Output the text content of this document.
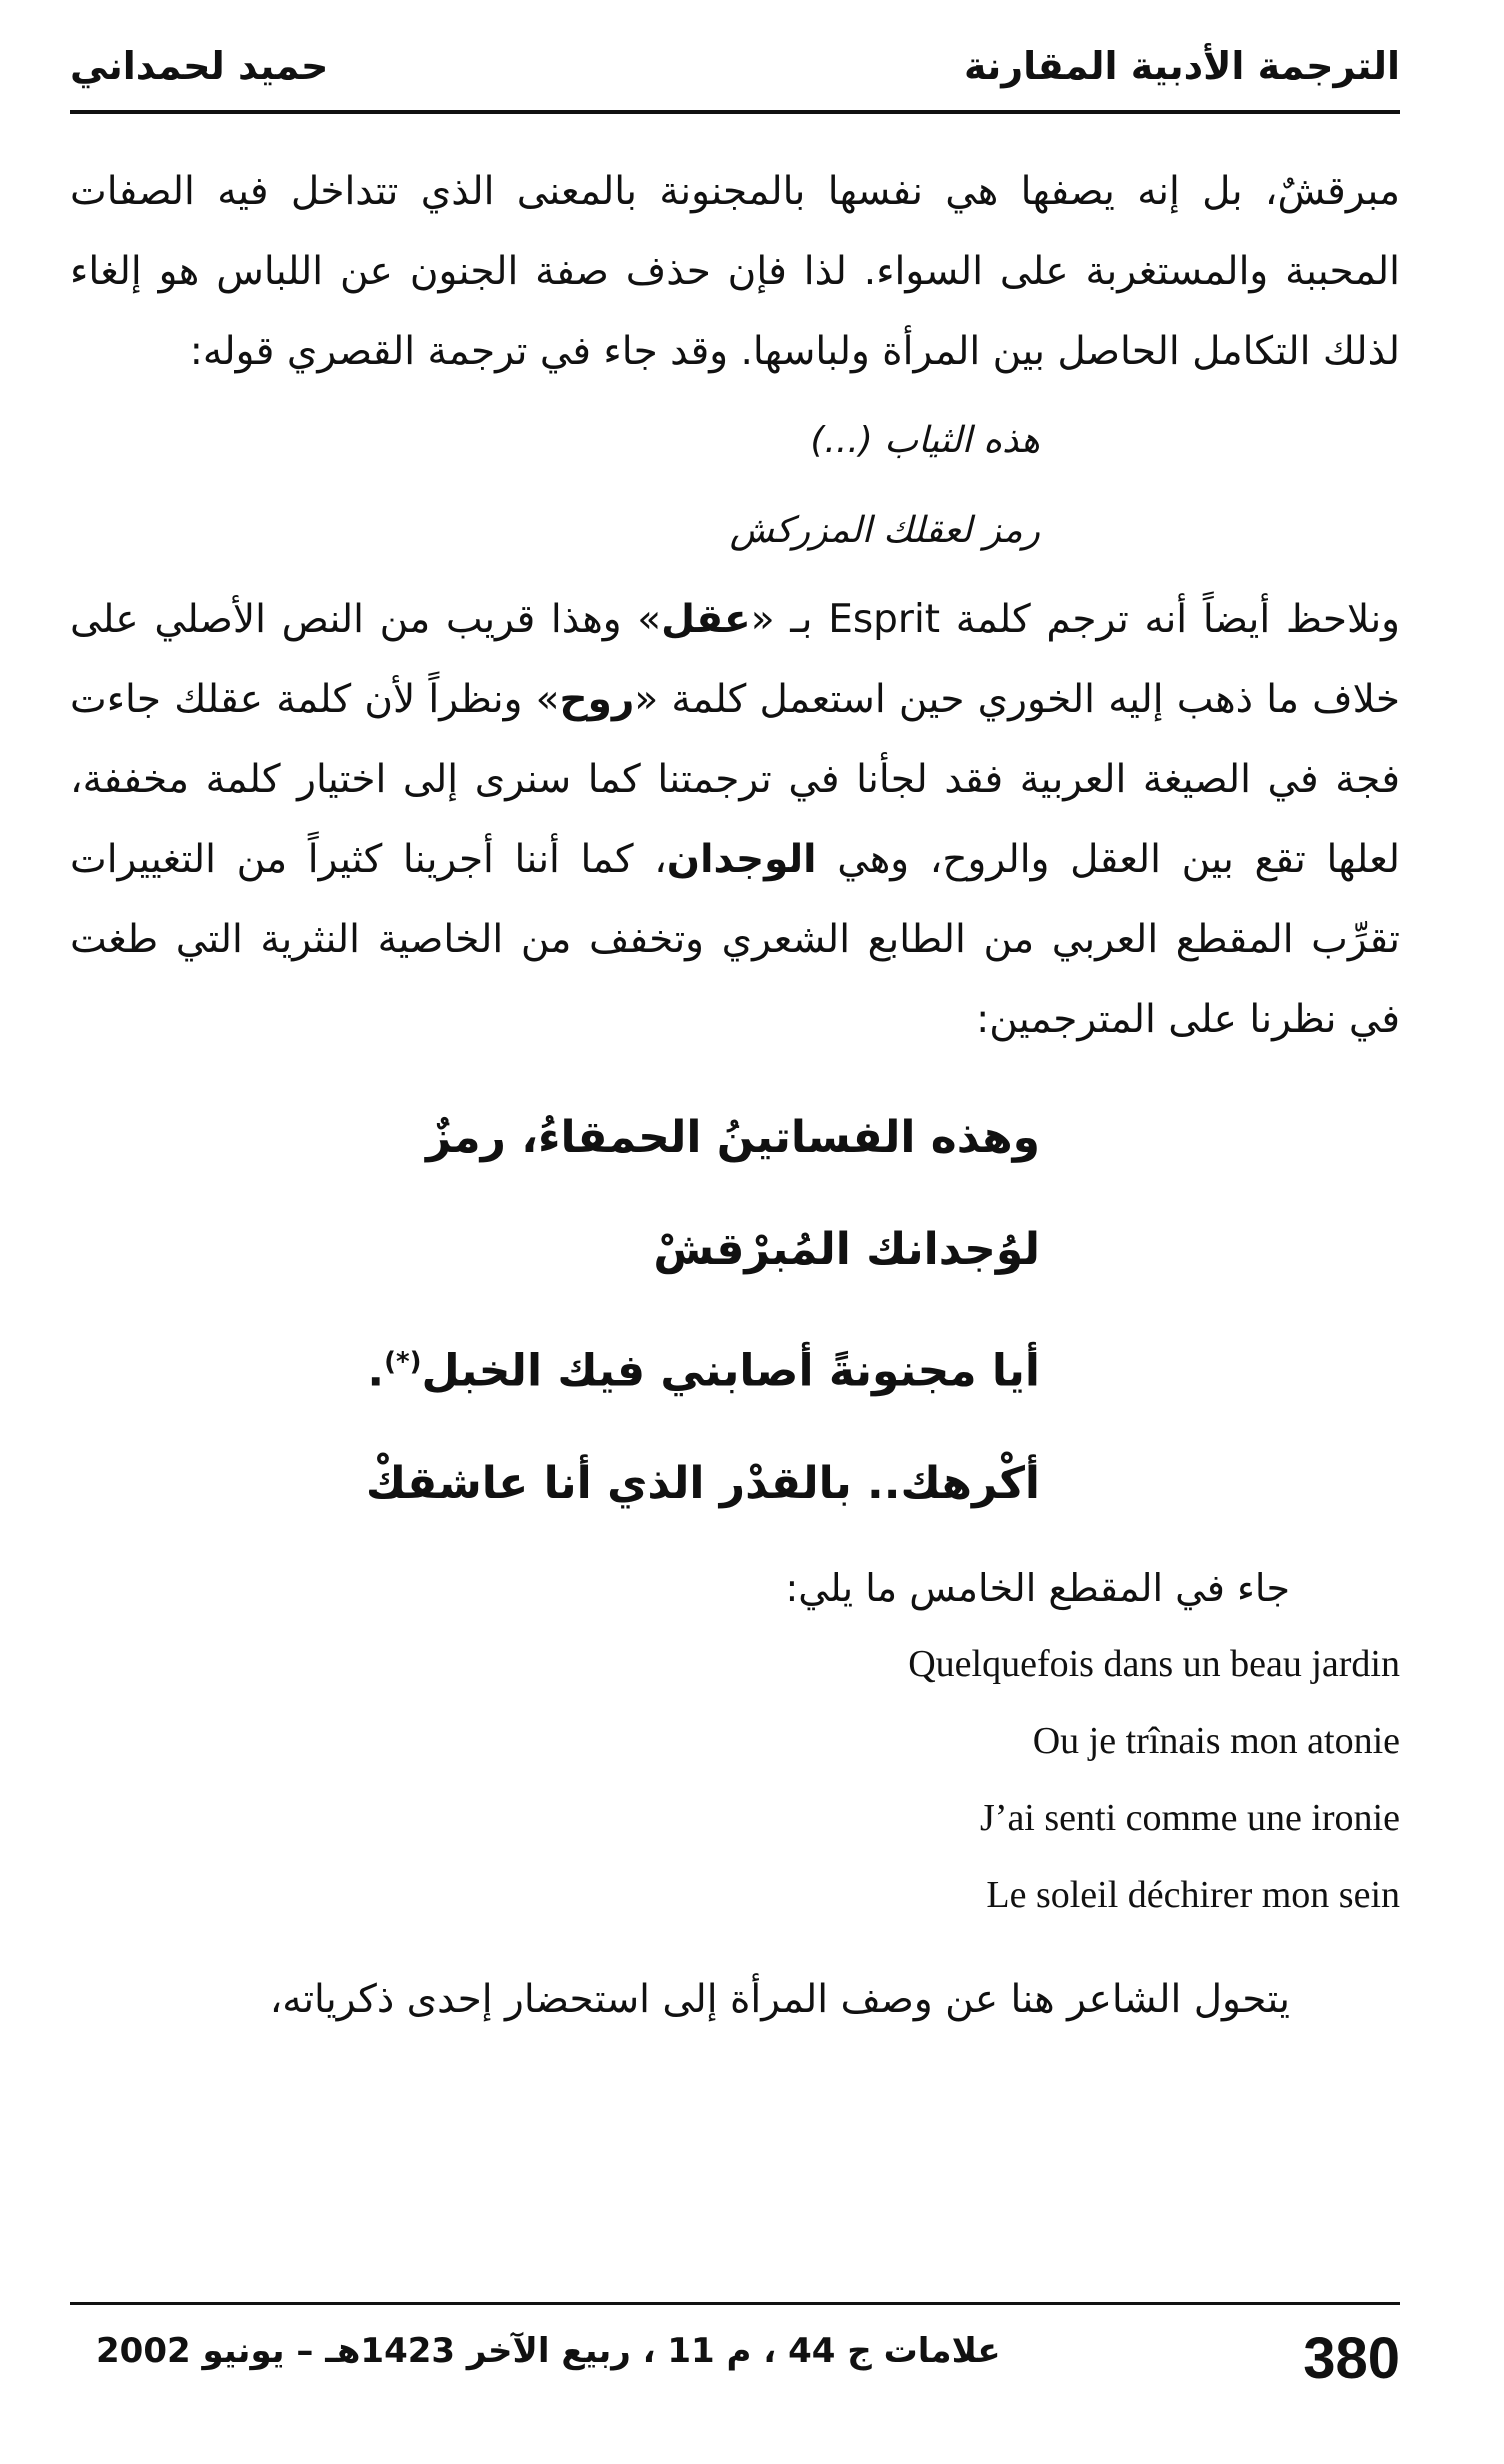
الترجمة الأدبية المقارنة
حميد لحمداني

مبرقشٌ، بل إنه يصفها هي نفسها بالمجنونة بالمعنى الذي تتداخل فيه الصفات المحببة والمستغربة على السواء. لذا فإن حذف صفة الجنون عن اللباس هو إلغاء لذلك التكامل الحاصل بين المرأة ولباسها. وقد جاء في ترجمة القصري قوله:

هذه الثياب (...)

رمز لعقلك المزركش

ونلاحظ أيضاً أنه ترجم كلمة Esprit بـ «عقل» وهذا قريب من النص الأصلي على خلاف ما ذهب إليه الخوري حين استعمل كلمة «روح» ونظراً لأن كلمة عقلك جاءت فجة في الصيغة العربية فقد لجأنا في ترجمتنا كما سنرى إلى اختيار كلمة مخففة، لعلها تقع بين العقل والروح، وهي الوجدان، كما أننا أجرينا كثيراً من التغييرات تقرِّب المقطع العربي من الطابع الشعري وتخفف من الخاصية النثرية التي طغت في نظرنا على المترجمين:

وهذه الفساتينُ الحمقاءُ، رمزٌ

لوُجدانك المُبرْقشْ

أيا مجنونةً أصابني فيك الخبل(*).

أكْرهك.. بالقدْر الذي أنا عاشقكْ

جاء في المقطع الخامس ما يلي:

Quelquefois dans un beau jardin

Ou je trînais mon atonie

J’ai senti comme une ironie

Le soleil déchirer mon sein

يتحول الشاعر هنا عن وصف المرأة إلى استحضار إحدى ذكرياته،

380
علامات ج 44 ، م 11 ، ربيع الآخر 1423هـ – يونيو 2002
